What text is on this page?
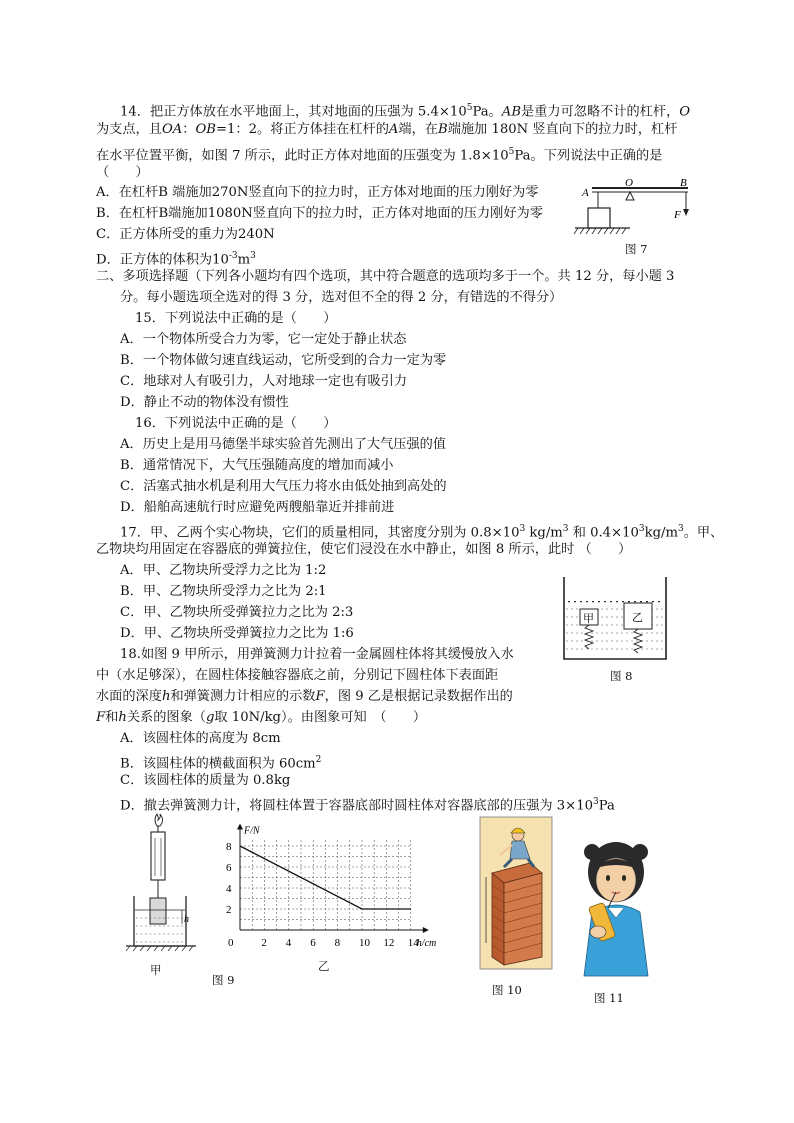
14．把正方体放在水平地面上，其对地面的压强为 $5.4\times 10^5Pa$。AB是重力可忽略不计的杠杆，O
为支点，且OA：OB=1：2。将正方体挂在杠杆的A端，在B端施加 180N 竖直向下的拉力时，杠杆
在水平位置平衡，如图 7 所示，此时正方体对地面的压强变为 $1.8\times 10^5Pa$。下列说法中正确的是
（　　）
A．在杠杆B 端施加270N竖直向下的拉力时，正方体对地面的压力刚好为零
B．在杠杆B端施加1080N竖直向下的拉力时，正方体对地面的压力刚好为零
C．正方体所受的重力为240N
D．正方体的体积为$10^{-3}m^3$
A
O	B
F
图 7
二、多项选择题（下列各小题均有四个选项，其中符合题意的选项均多于一个。共 12 分，每小题 3
分。每小题选项全选对的得 3 分，选对但不全的得 2 分，有错选的不得分）
15．下列说法中正确的是（　　）
A．一个物体所受合力为零，它一定处于静止状态
B．一个物体做匀速直线运动，它所受到的合力一定为零
C．地球对人有吸引力，人对地球一定也有吸引力
D．静止不动的物体没有惯性
16．下列说法中正确的是（　　）
A．历史上是用马德堡半球实验首先测出了大气压强的值
B．通常情况下，大气压强随高度的增加而减小
C．活塞式抽水机是利用大气压力将水由低处抽到高处的
D．船舶高速航行时应避免两艘船靠近并排前进
17．甲、乙两个实心物块，它们的质量相同，其密度分别为 $0.8\times 10^3$ $kg/m^3$ 和 $0.4\times 10^3kg/m^3$。甲、
乙物块均用固定在容器底的弹簧拉住，使它们浸没在水中静止，如图 8 所示，此时 （　　）
A．甲、乙物块所受浮力之比为 1:2
B．甲、乙物块所受浮力之比为 2:1
C．甲、乙物块所受弹簧拉力之比为 2:3
D．甲、乙物块所受弹簧拉力之比为 1:6
甲	乙
图 8
18.如图 9 甲所示，用弹簧测力计拉着一金属圆柱体将其缓慢放入水
中（水足够深），在圆柱体接触容器底之前，分别记下圆柱体下表面距
水面的深度h和弹簧测力计相应的示数F，图 9 乙是根据记录数据作出的
F和h关系的图象（g取 10N/kg）。由图象可知　（　　）
A．该圆柱体的高度为 8cm
B．该圆柱体的横截面积为 $60cm^2$
C．该圆柱体的质量为 0.8kg
D．撤去弹簧测力计，将圆柱体置于容器底部时圆柱体对容器底部的压强为 $3\times 10^3Pa$
h
甲
图 9
2 4 6 8 10 12 14
2
4
6
8
0
F/N
h/cm
乙
图 10
图 11
